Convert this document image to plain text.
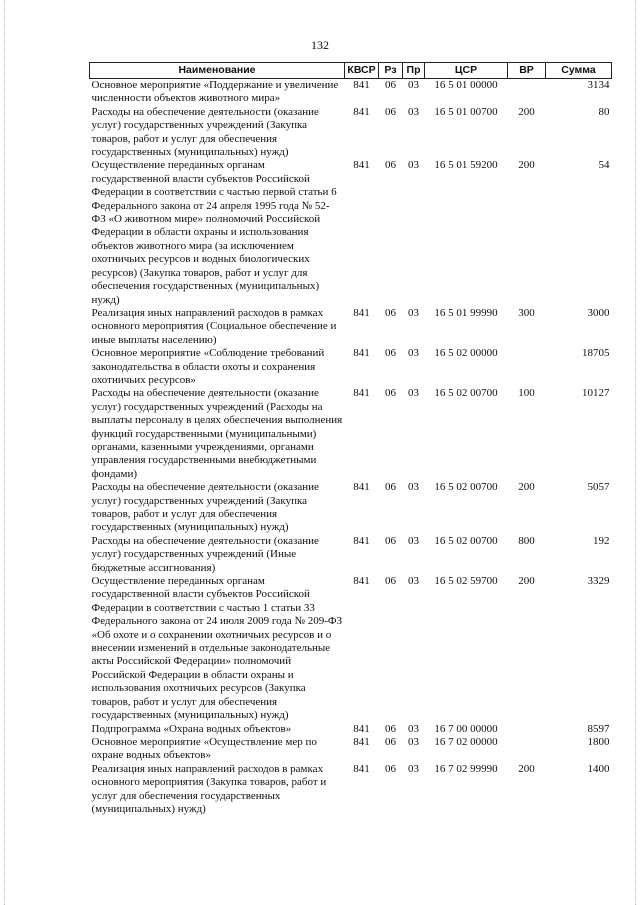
132
Наименование	КВСР	Рз	Пр	ЦСР	ВР	Сумма
Основное мероприятие «Поддержание и увеличение численности объектов животного мира»	841	06	03	16 5 01 00000		3134
Расходы на обеспечение деятельности (оказание услуг) государственных учреждений (Закупка товаров, работ и услуг для обеспечения государственных (муниципальных) нужд)	841	06	03	16 5 01 00700	200	80
Осуществление переданных органам государственной власти субъектов Российской Федерации в соответствии с частью первой статьи 6 Федерального закона от 24 апреля 1995 года № 52-ФЗ «О животном мире» полномочий Российской Федерации в области охраны и использования объектов животного мира (за исключением охотничьих ресурсов и водных биологических ресурсов) (Закупка товаров, работ и услуг для обеспечения государственных (муниципальных) нужд)	841	06	03	16 5 01 59200	200	54
Реализация иных направлений расходов в рамках основного мероприятия (Социальное обеспечение и иные выплаты населению)	841	06	03	16 5 01 99990	300	3000
Основное мероприятие «Соблюдение требований законодательства в области охоты и сохранения охотничьих ресурсов»	841	06	03	16 5 02 00000		18705
Расходы на обеспечение деятельности (оказание услуг) государственных учреждений (Расходы на выплаты персоналу в целях обеспечения выполнения функций государственными (муниципальными) органами, казенными учреждениями, органами управления государственными внебюджетными фондами)	841	06	03	16 5 02 00700	100	10127
Расходы на обеспечение деятельности (оказание услуг) государственных учреждений (Закупка товаров, работ и услуг для обеспечения государственных (муниципальных) нужд)	841	06	03	16 5 02 00700	200	5057
Расходы на обеспечение деятельности (оказание услуг) государственных учреждений (Иные бюджетные ассигнования)	841	06	03	16 5 02 00700	800	192
Осуществление переданных органам государственной власти субъектов Российской Федерации в соответствии с частью 1 статьи 33 Федерального закона от 24 июля 2009 года № 209-ФЗ «Об охоте и о сохранении охотничьих ресурсов и о внесении изменений в отдельные законодательные акты Российской Федерации» полномочий Российской Федерации в области охраны и использования охотничьих ресурсов (Закупка товаров, работ и услуг для обеспечения государственных (муниципальных) нужд)	841	06	03	16 5 02 59700	200	3329
Подпрограмма «Охрана водных объектов»	841	06	03	16 7 00 00000		8597
Основное мероприятие «Осуществление мер по охране водных объектов»	841	06	03	16 7 02 00000		1800
Реализация иных направлений расходов в рамках основного мероприятия (Закупка товаров, работ и услуг для обеспечения государственных (муниципальных) нужд)	841	06	03	16 7 02 99990	200	1400
